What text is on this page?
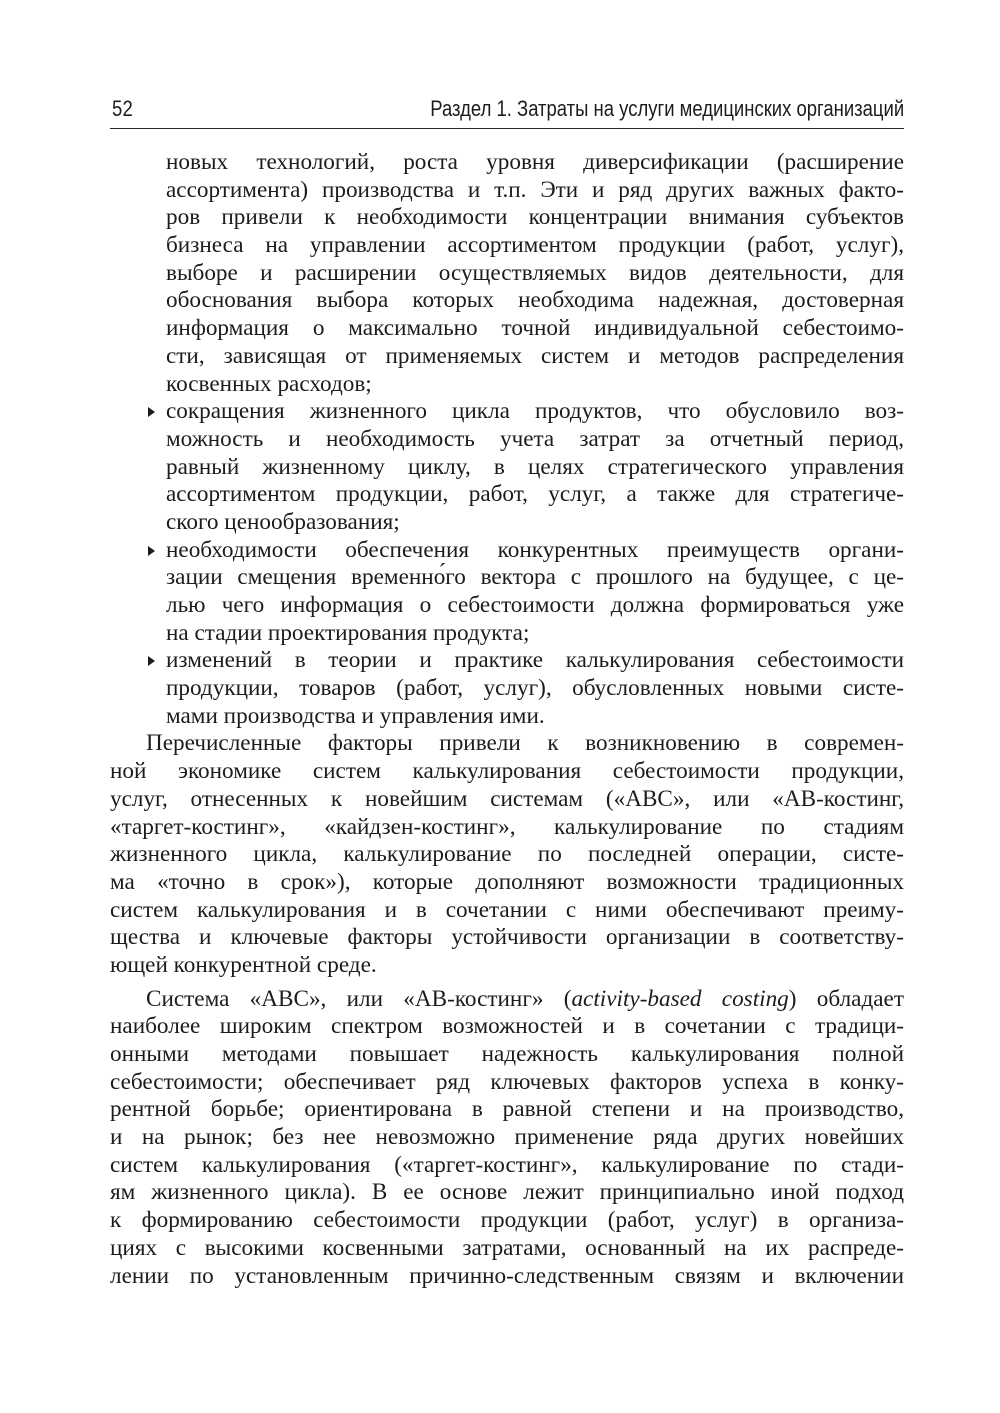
52	Раздел 1. Затраты на услуги медицинских организаций
новых технологий, роста уровня диверсификации (расширение
ассортимента) производства и т.п. Эти и ряд других важных факто-
ров привели к необходимости концентрации внимания субъектов
бизнеса на управлении ассортиментом продукции (работ, услуг),
выборе и расширении осуществляемых видов деятельности, для
обоснования выбора которых необходима надежная, достоверная
информация о максимально точной индивидуальной себестоимо-
сти, зависящая от применяемых систем и методов распределения
косвенных расходов;
сокращения жизненного цикла продуктов, что обусловило воз-
можность и необходимость учета затрат за отчетный период,
равный жизненному циклу, в целях стратегического управления
ассортиментом продукции, работ, услуг, а также для стратегиче-
ского ценообразования;
необходимости обеспечения конкурентных преимуществ органи-
зации смещения временно́го вектора с прошлого на будущее, с це-
лью чего информация о себестоимости должна формироваться уже
на стадии проектирования продукта;
изменений в теории и практике калькулирования себестоимости
продукции, товаров (работ, услуг), обусловленных новыми систе-
мами производства и управления ими.
Перечисленные факторы привели к возникновению в современ-
ной экономике систем калькулирования себестоимости продукции,
услуг, отнесенных к новейшим системам («АВС», или «АВ-костинг,
«таргет-костинг», «кайдзен-костинг», калькулирование по стадиям
жизненного цикла, калькулирование по последней операции, систе-
ма «точно в срок»), которые дополняют возможности традиционных
систем калькулирования и в сочетании с ними обеспечивают преиму-
щества и ключевые факторы устойчивости организации в соответству-
ющей конкурентной среде.
Система «АВС», или «АВ-костинг» (activity-based costing) обладает
наиболее широким спектром возможностей и в сочетании с традици-
онными методами повышает надежность калькулирования полной
себестоимости; обеспечивает ряд ключевых факторов успеха в конку-
рентной борьбе; ориентирована в равной степени и на производство,
и на рынок; без нее невозможно применение ряда других новейших
систем калькулирования («таргет-костинг», калькулирование по стади-
ям жизненного цикла). В ее основе лежит принципиально иной подход
к формированию себестоимости продукции (работ, услуг) в организа-
циях с высокими косвенными затратами, основанный на их распреде-
лении по установленным причинно-следственным связям и включении
